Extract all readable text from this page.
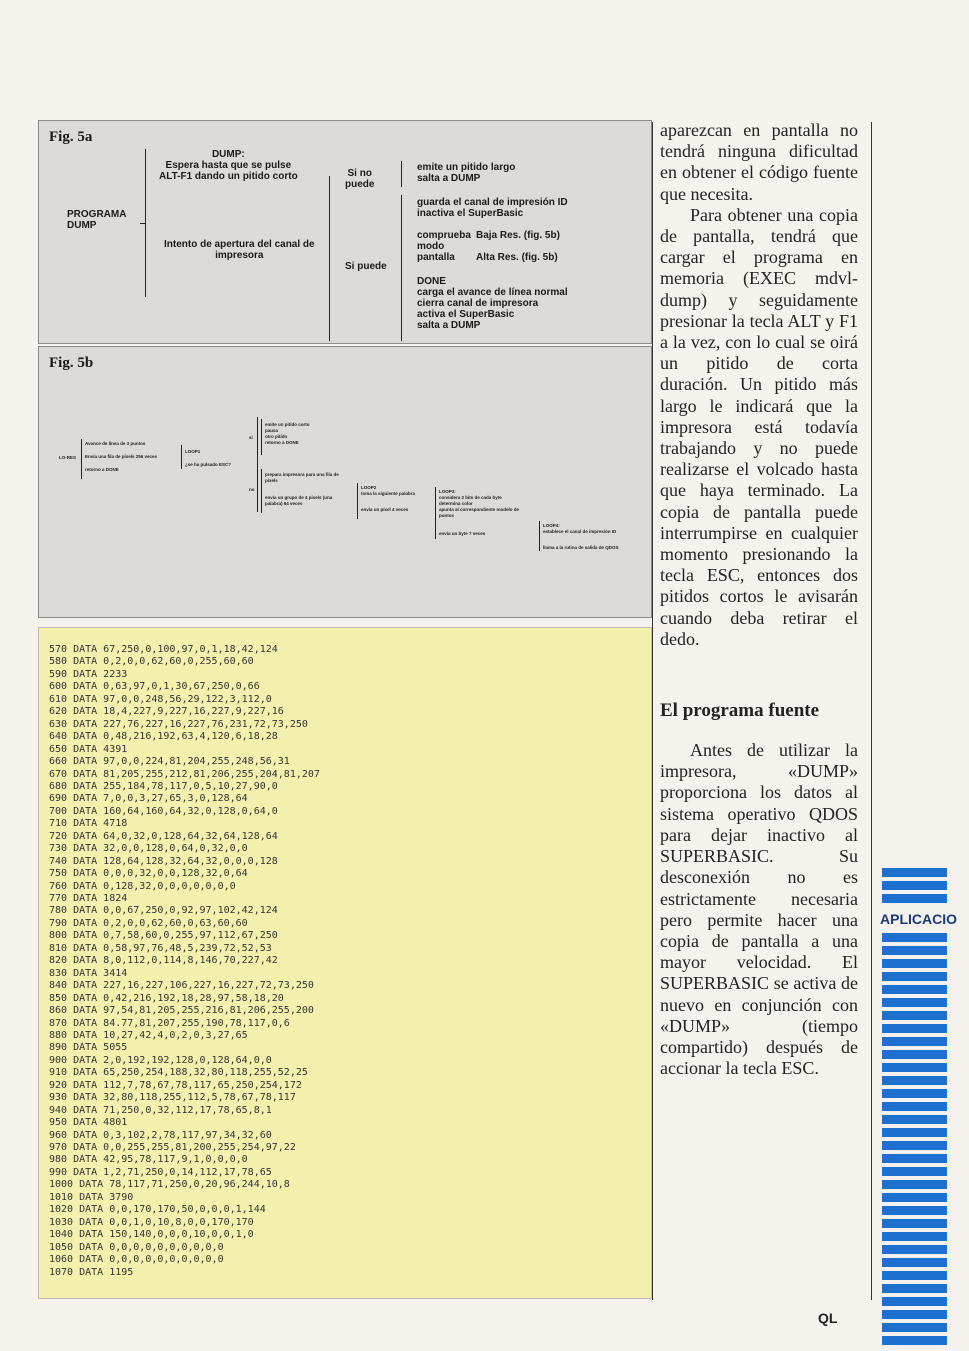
Fig. 5a
PROGRAMA
DUMP
DUMP:
Espera hasta que se pulse
ALT-F1 dando un pitido corto
Intento de apertura del canal de
impresora
Si no
puede
Si puede
emite un pitido largo
salta a DUMP
guarda el canal de impresión ID
inactiva el SuperBasic
comprueba
modo
pantalla
Baja Res. (fig. 5b)

Alta Res. (fig. 5b)
DONE
carga el avance de línea normal
cierra canal de impresora
activa el SuperBasic
salta a DUMP
Fig. 5b
LO-RES
Avance de línea de 3 puntos
Envía una fila de píxels 256 veces
retorno a DONE
LOOP1
¿se ha pulsado ESC?
sí
no
emite un pitido corto
pausa
otro pitido
retorno a DONE
prepara impresora para una fila de
píxels
envía un grupo de 4 pixels (una
palabra) 64 veces
LOOP2
toma la siguiente palabra
envía un píxel 4 veces
LOOP3:
considera 2 bits de cada byte
determina color
apunta al correspondiente modelo de
puntos
envía un byte 7 veces
LOOP4:
establece el canal de impresión ID
llama a la rutina de salida de QDOS
570 DATA 67,250,0,100,97,0,1,18,42,124
580 DATA 0,2,0,0,62,60,0,255,60,60
590 DATA 2233
600 DATA 0,63,97,0,1,30,67,250,0,66
610 DATA 97,0,0,248,56,29,122,3,112,0
620 DATA 18,4,227,9,227,16,227,9,227,16
630 DATA 227,76,227,16,227,76,231,72,73,250
640 DATA 0,48,216,192,63,4,120,6,18,28
650 DATA 4391
660 DATA 97,0,0,224,81,204,255,248,56,31
670 DATA 81,205,255,212,81,206,255,204,81,207
680 DATA 255,184,78,117,0,5,10,27,90,0
690 DATA 7,0,0,3,27,65,3,0,128,64
700 DATA 160,64,160,64,32,0,128,0,64,0
710 DATA 4718
720 DATA 64,0,32,0,128,64,32,64,128,64
730 DATA 32,0,0,128,0,64,0,32,0,0
740 DATA 128,64,128,32,64,32,0,0,0,128
750 DATA 0,0,0,32,0,0,128,32,0,64
760 DATA 0,128,32,0,0,0,0,0,0,0
770 DATA 1824
780 DATA 0,0,67,250,0,92,97,102,42,124
790 DATA 0,2,0,0,62,60,0,63,60,60
800 DATA 0,7,58,60,0,255,97,112,67,250
810 DATA 0,58,97,76,48,5,239,72,52,53
820 DATA 8,0,112,0,114,8,146,70,227,42
830 DATA 3414
840 DATA 227,16,227,106,227,16,227,72,73,250
850 DATA 0,42,216,192,18,28,97,58,18,20
860 DATA 97,54,81,205,255,216,81,206,255,200
870 DATA 84.77,81,207,255,190,78,117,0,6
880 DATA 10,27,42,4,0,2,0,3,27,65
890 DATA 5055
900 DATA 2,0,192,192,128,0,128,64,0,0
910 DATA 65,250,254,188,32,80,118,255,52,25
920 DATA 112,7,78,67,78,117,65,250,254,172
930 DATA 32,80,118,255,112,5,78,67,78,117
940 DATA 71,250,0,32,112,17,78,65,8,1
950 DATA 4801
960 DATA 0,3,102,2,78,117,97,34,32,60
970 DATA 0,0,255,255,81,200,255,254,97,22
980 DATA 42,95,78,117,9,1,0,0,0,0
990 DATA 1,2,71,250,0,14,112,17,78,65
1000 DATA 78,117,71,250,0,20,96,244,10,8
1010 DATA 3790
1020 DATA 0,0,170,170,50,0,0,0,1,144
1030 DATA 0,0,1,0,10,8,0,0,170,170
1040 DATA 150,140,0,0,0,10,0,0,1,0
1050 DATA 0,0,0,0,0,0,0,0,0,0
1060 DATA 0,0,0,0,0,0,0,0,0,0
1070 DATA 1195

aparezcan en pantalla no tendrá ninguna dificultad en obtener el código fuente que necesita.

Para obtener una copia de pantalla, tendrá que cargar el programa en memoria (EXEC mdvl-dump) y seguidamente presionar la tecla ALT y F1 a la vez, con lo cual se oirá un pitido de corta duración. Un pitido más largo le indicará que la impresora está todavía trabajando y no puede realizarse el volcado hasta que haya terminado. La copia de pantalla puede interrumpirse en cualquier momento presionando la tecla ESC, entonces dos pitidos cortos le avisarán cuando deba retirar el dedo.

El programa fuente

Antes de utilizar la impresora, «DUMP» proporciona los datos al sistema operativo QDOS para dejar inactivo al SUPERBASIC. Su desconexión no es estrictamente necesaria pero permite hacer una copia de pantalla a una mayor velocidad. El SUPERBASIC se activa de nuevo en conjunción con «DUMP» (tiempo compartido) después de accionar la tecla ESC.

APLICACIO
QL
